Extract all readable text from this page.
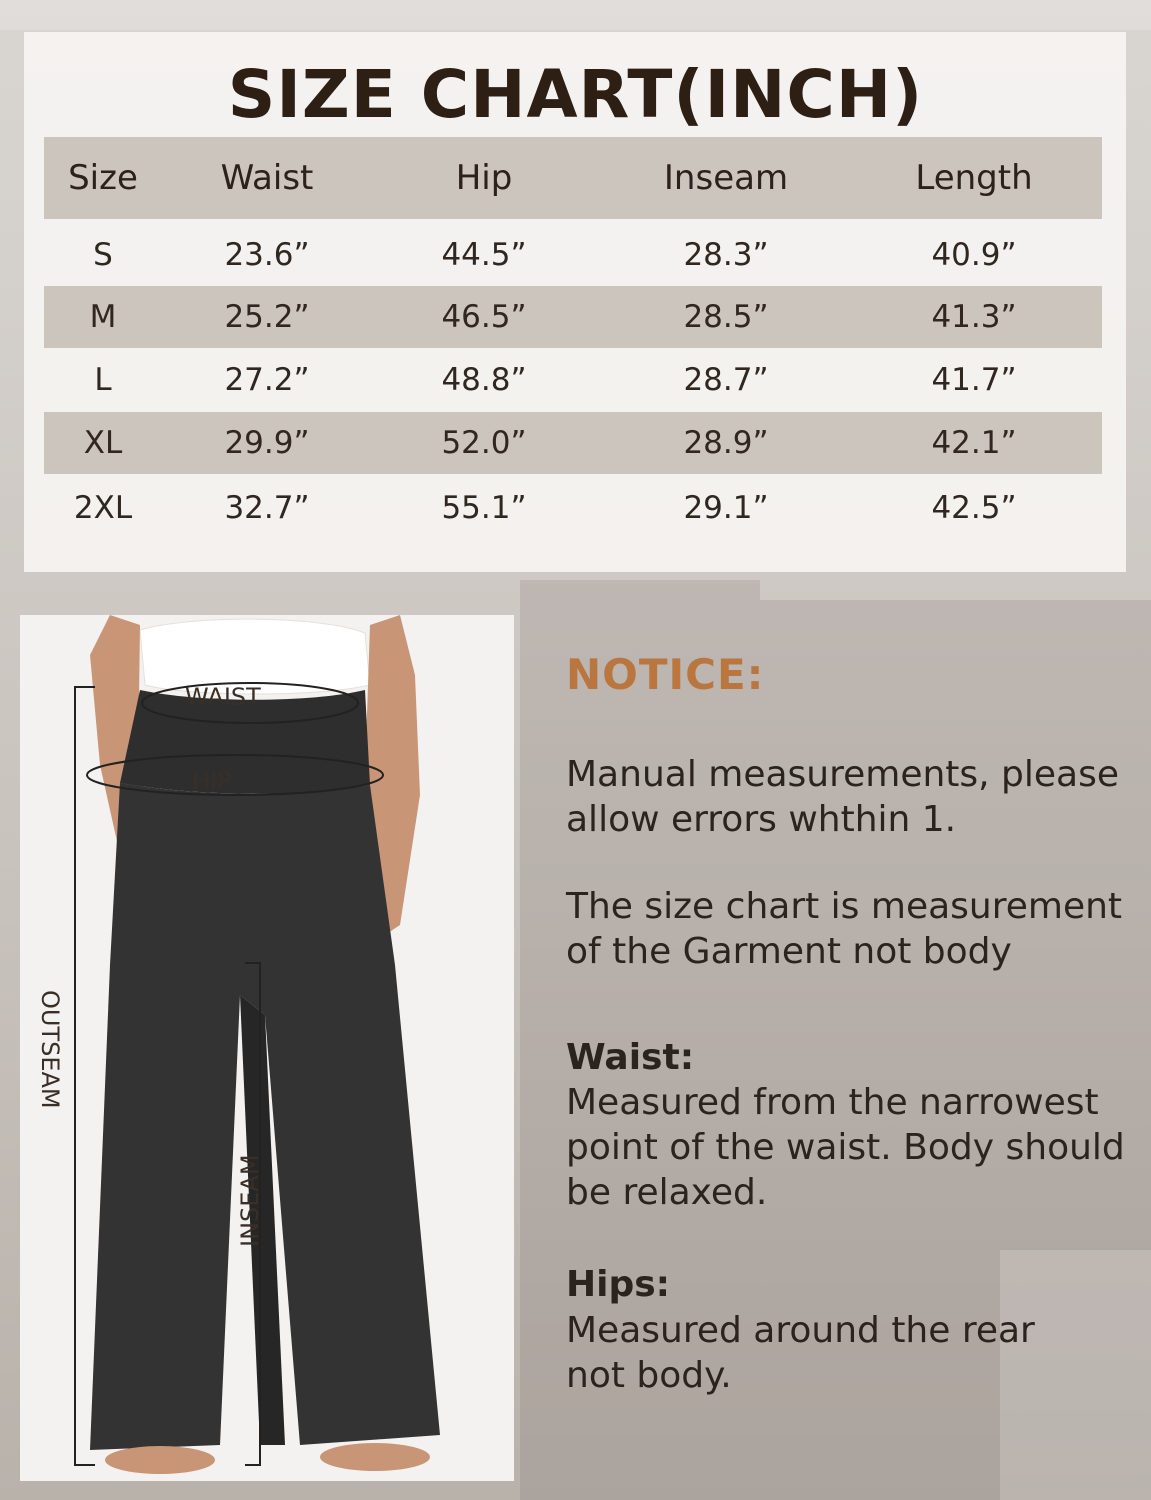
SIZE CHART(INCH)
Size	Waist	Hip	Inseam	Length
S	23.6”	44.5”	28.3”	40.9”
M	25.2”	46.5”	28.5”	41.3”
L	27.2”	48.8”	28.7”	41.7”
XL	29.9”	52.0”	28.9”	42.1”
2XL	32.7”	55.1”	29.1”	42.5”
WAIST
HIP
OUTSEAM
INSEAM
NOTICE:
Manual measurements, please allow errors whthin 1.
The size chart is measurement of the Garment not body
Waist:
Measured from the narrowest point of the waist. Body should be relaxed.
Hips:
Measured around the rear not body.
